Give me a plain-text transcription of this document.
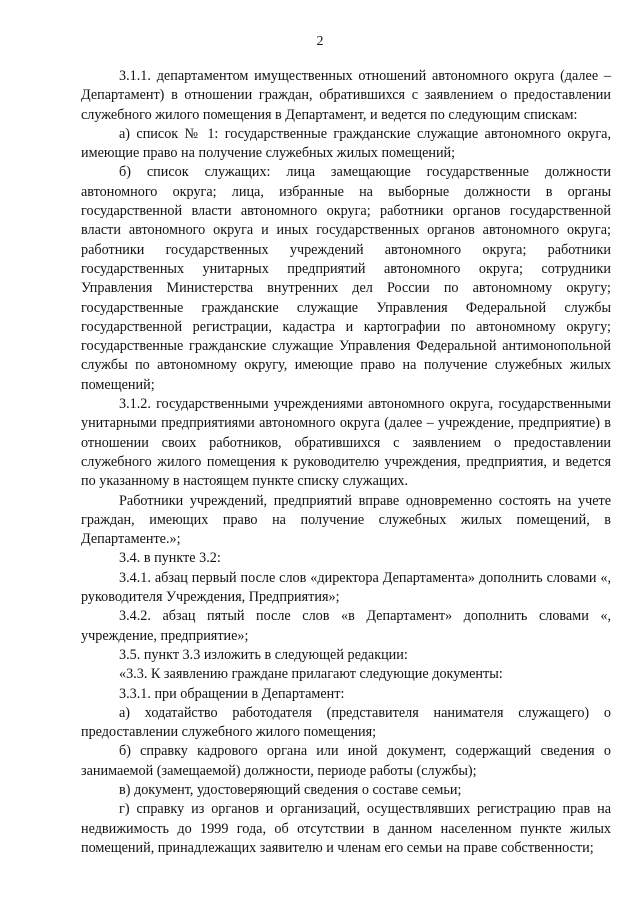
2

3.1.1. департаментом имущественных отношений автономного округа (далее – Департамент) в отношении граждан, обратившихся с заявлением о предоставлении служебного жилого помещения в Департамент, и ведется по следующим спискам:

а) список № 1: государственные гражданские служащие автономного округа, имеющие право на получение служебных жилых помещений;

б) список служащих: лица замещающие государственные должности автономного округа; лица, избранные на выборные должности в органы государственной власти автономного округа; работники органов государственной власти автономного округа и иных государственных органов автономного округа; работники государственных учреждений автономного округа; работники государственных унитарных предприятий автономного округа; сотрудники Управления Министерства внутренних дел России по автономному округу; государственные гражданские служащие Управления Федеральной службы государственной регистрации, кадастра и картографии по автономному округу; государственные гражданские служащие Управления Федеральной антимонопольной службы по автономному округу, имеющие право на получение служебных жилых помещений;

3.1.2. государственными учреждениями автономного округа, государственными унитарными предприятиями автономного округа (далее – учреждение, предприятие) в отношении своих работников, обратившихся с заявлением о предоставлении служебного жилого помещения к руководителю учреждения, предприятия, и ведется по указанному в настоящем пункте списку служащих.

Работники учреждений, предприятий вправе одновременно состоять на учете граждан, имеющих право на получение служебных жилых помещений, в Департаменте.»;

3.4. в пункте 3.2:

3.4.1. абзац первый после слов «директора Департамента» дополнить словами «, руководителя Учреждения, Предприятия»;

3.4.2. абзац пятый после слов «в Департамент» дополнить словами «, учреждение, предприятие»;

3.5. пункт 3.3 изложить в следующей редакции:

«3.3. К заявлению граждане прилагают следующие документы:

3.3.1. при обращении в Департамент:

а) ходатайство работодателя (представителя нанимателя служащего) о предоставлении служебного жилого помещения;

б) справку кадрового органа или иной документ, содержащий сведения о занимаемой (замещаемой) должности, периоде работы (службы);

в) документ, удостоверяющий сведения о составе семьи;

г) справку из органов и организаций, осуществлявших регистрацию прав на недвижимость до 1999 года, об отсутствии в данном населенном пункте жилых помещений, принадлежащих заявителю и членам его семьи на праве собственности;
